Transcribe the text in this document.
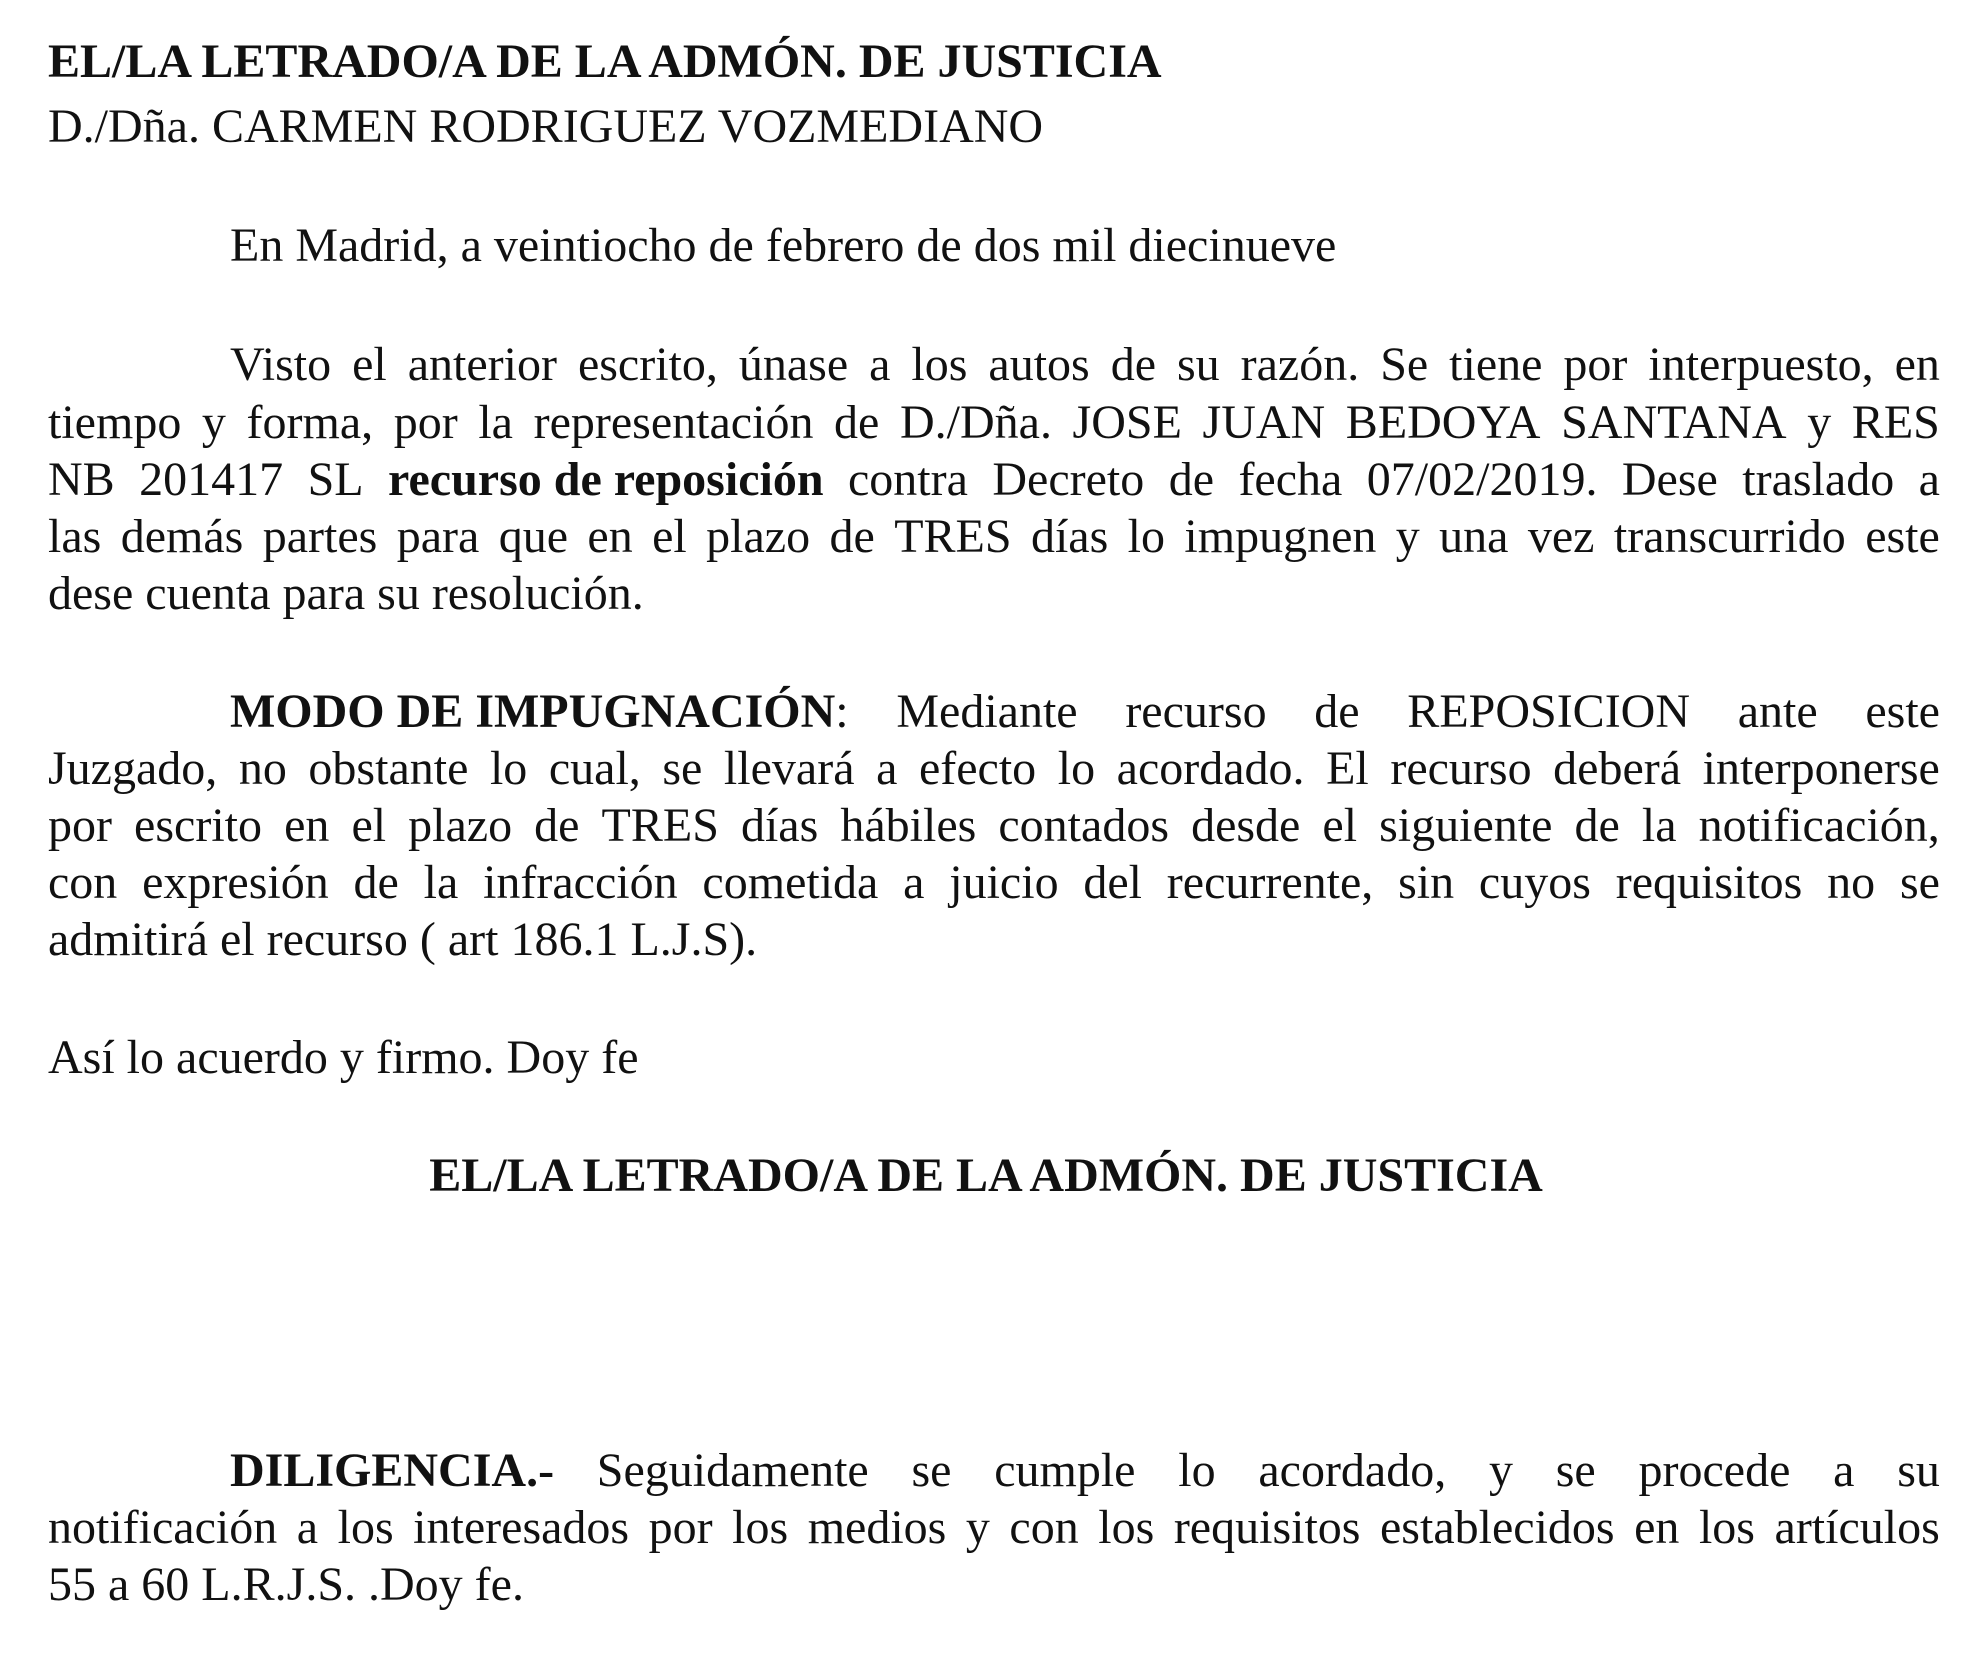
EL/LA LETRADO/A DE LA ADMÓN. DE JUSTICIA
D./Dña. CARMEN RODRIGUEZ VOZMEDIANO
En Madrid, a veintiocho de febrero de dos mil diecinueve
Visto el anterior escrito, únase a los autos de su razón. Se tiene por interpuesto, en
tiempo y forma, por la representación de D./Dña. JOSE JUAN BEDOYA SANTANA y RES
NB 201417 SL recurso de reposición contra Decreto de fecha 07/02/2019. Dese traslado a
las demás partes para que en el plazo de TRES días lo impugnen y una vez transcurrido este
dese cuenta para su resolución.
MODO DE IMPUGNACIÓN: Mediante recurso de REPOSICION ante este
Juzgado, no obstante lo cual, se llevará a efecto lo acordado. El recurso deberá interponerse
por escrito en el plazo de TRES días hábiles contados desde el siguiente de la notificación,
con expresión de la infracción cometida a juicio del recurrente, sin cuyos requisitos no se
admitirá el recurso ( art 186.1 L.J.S).
Así lo acuerdo y firmo. Doy fe
EL/LA LETRADO/A DE LA ADMÓN. DE JUSTICIA
DILIGENCIA.- Seguidamente se cumple lo acordado, y se procede a su
notificación a los interesados por los medios y con los requisitos establecidos en los artículos
55 a 60 L.R.J.S. .Doy fe.
